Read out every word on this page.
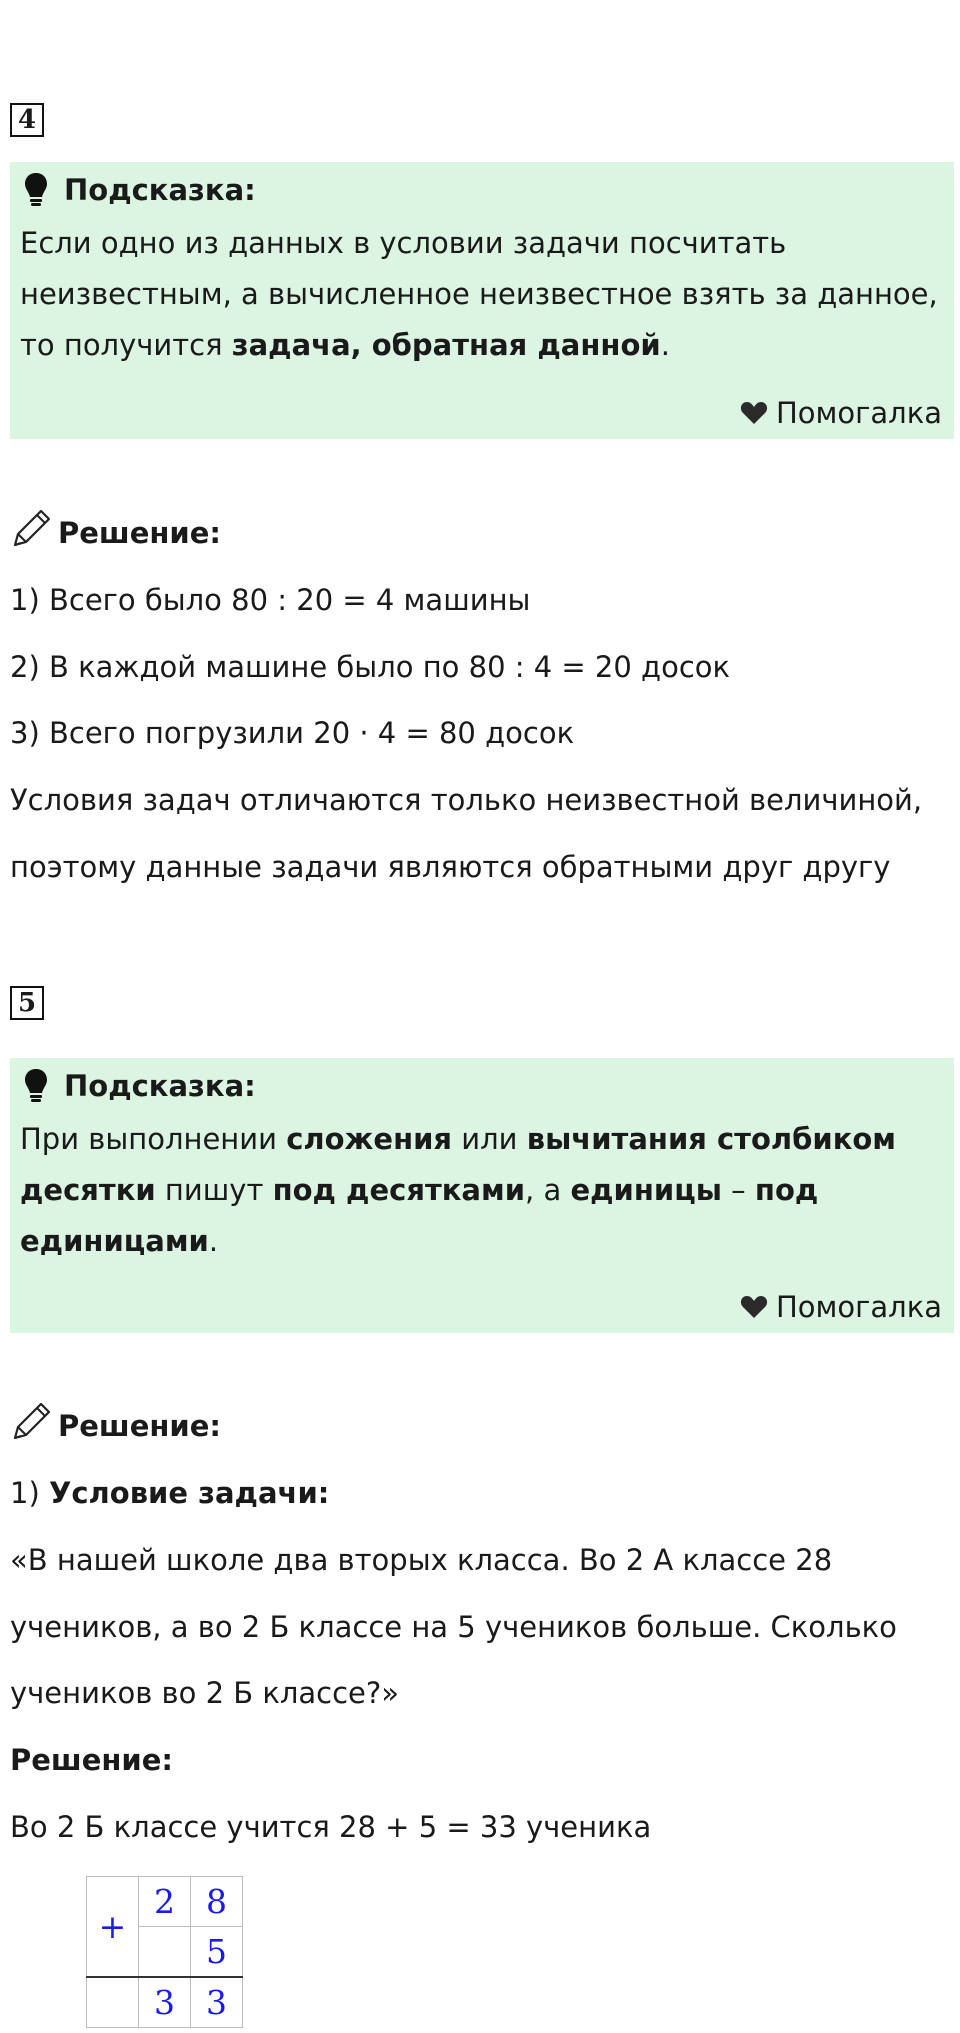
4
Подсказка:

Если одно из данных в условии задачи посчитать неизвестным, а вычисленное неизвестное взять за данное, то получится задача, обратная данной.

Помогалка
Решение:
1) Всего было 80 : 20 = 4 машины
2) В каждой машине было по 80 : 4 = 20 досок
3) Всего погрузили 20 · 4 = 80 досок
Условия задач отличаются только неизвестной величиной,
поэтому данные задачи являются обратными друг другу
5
Подсказка:

При выполнении сложения или вычитания столбиком
десятки пишут под десятками, а единицы – под
единицами.

Помогалка
Решение:
1) Условие задачи:
«В нашей школе два вторых класса. Во 2 А классе 28
учеников, а во 2 Б классе на 5 учеников больше. Сколько
учеников во 2 Б классе?»
Решение:
Во 2 Б классе учится 28 + 5 = 33 ученика
+	2	8
		5
	3	3
